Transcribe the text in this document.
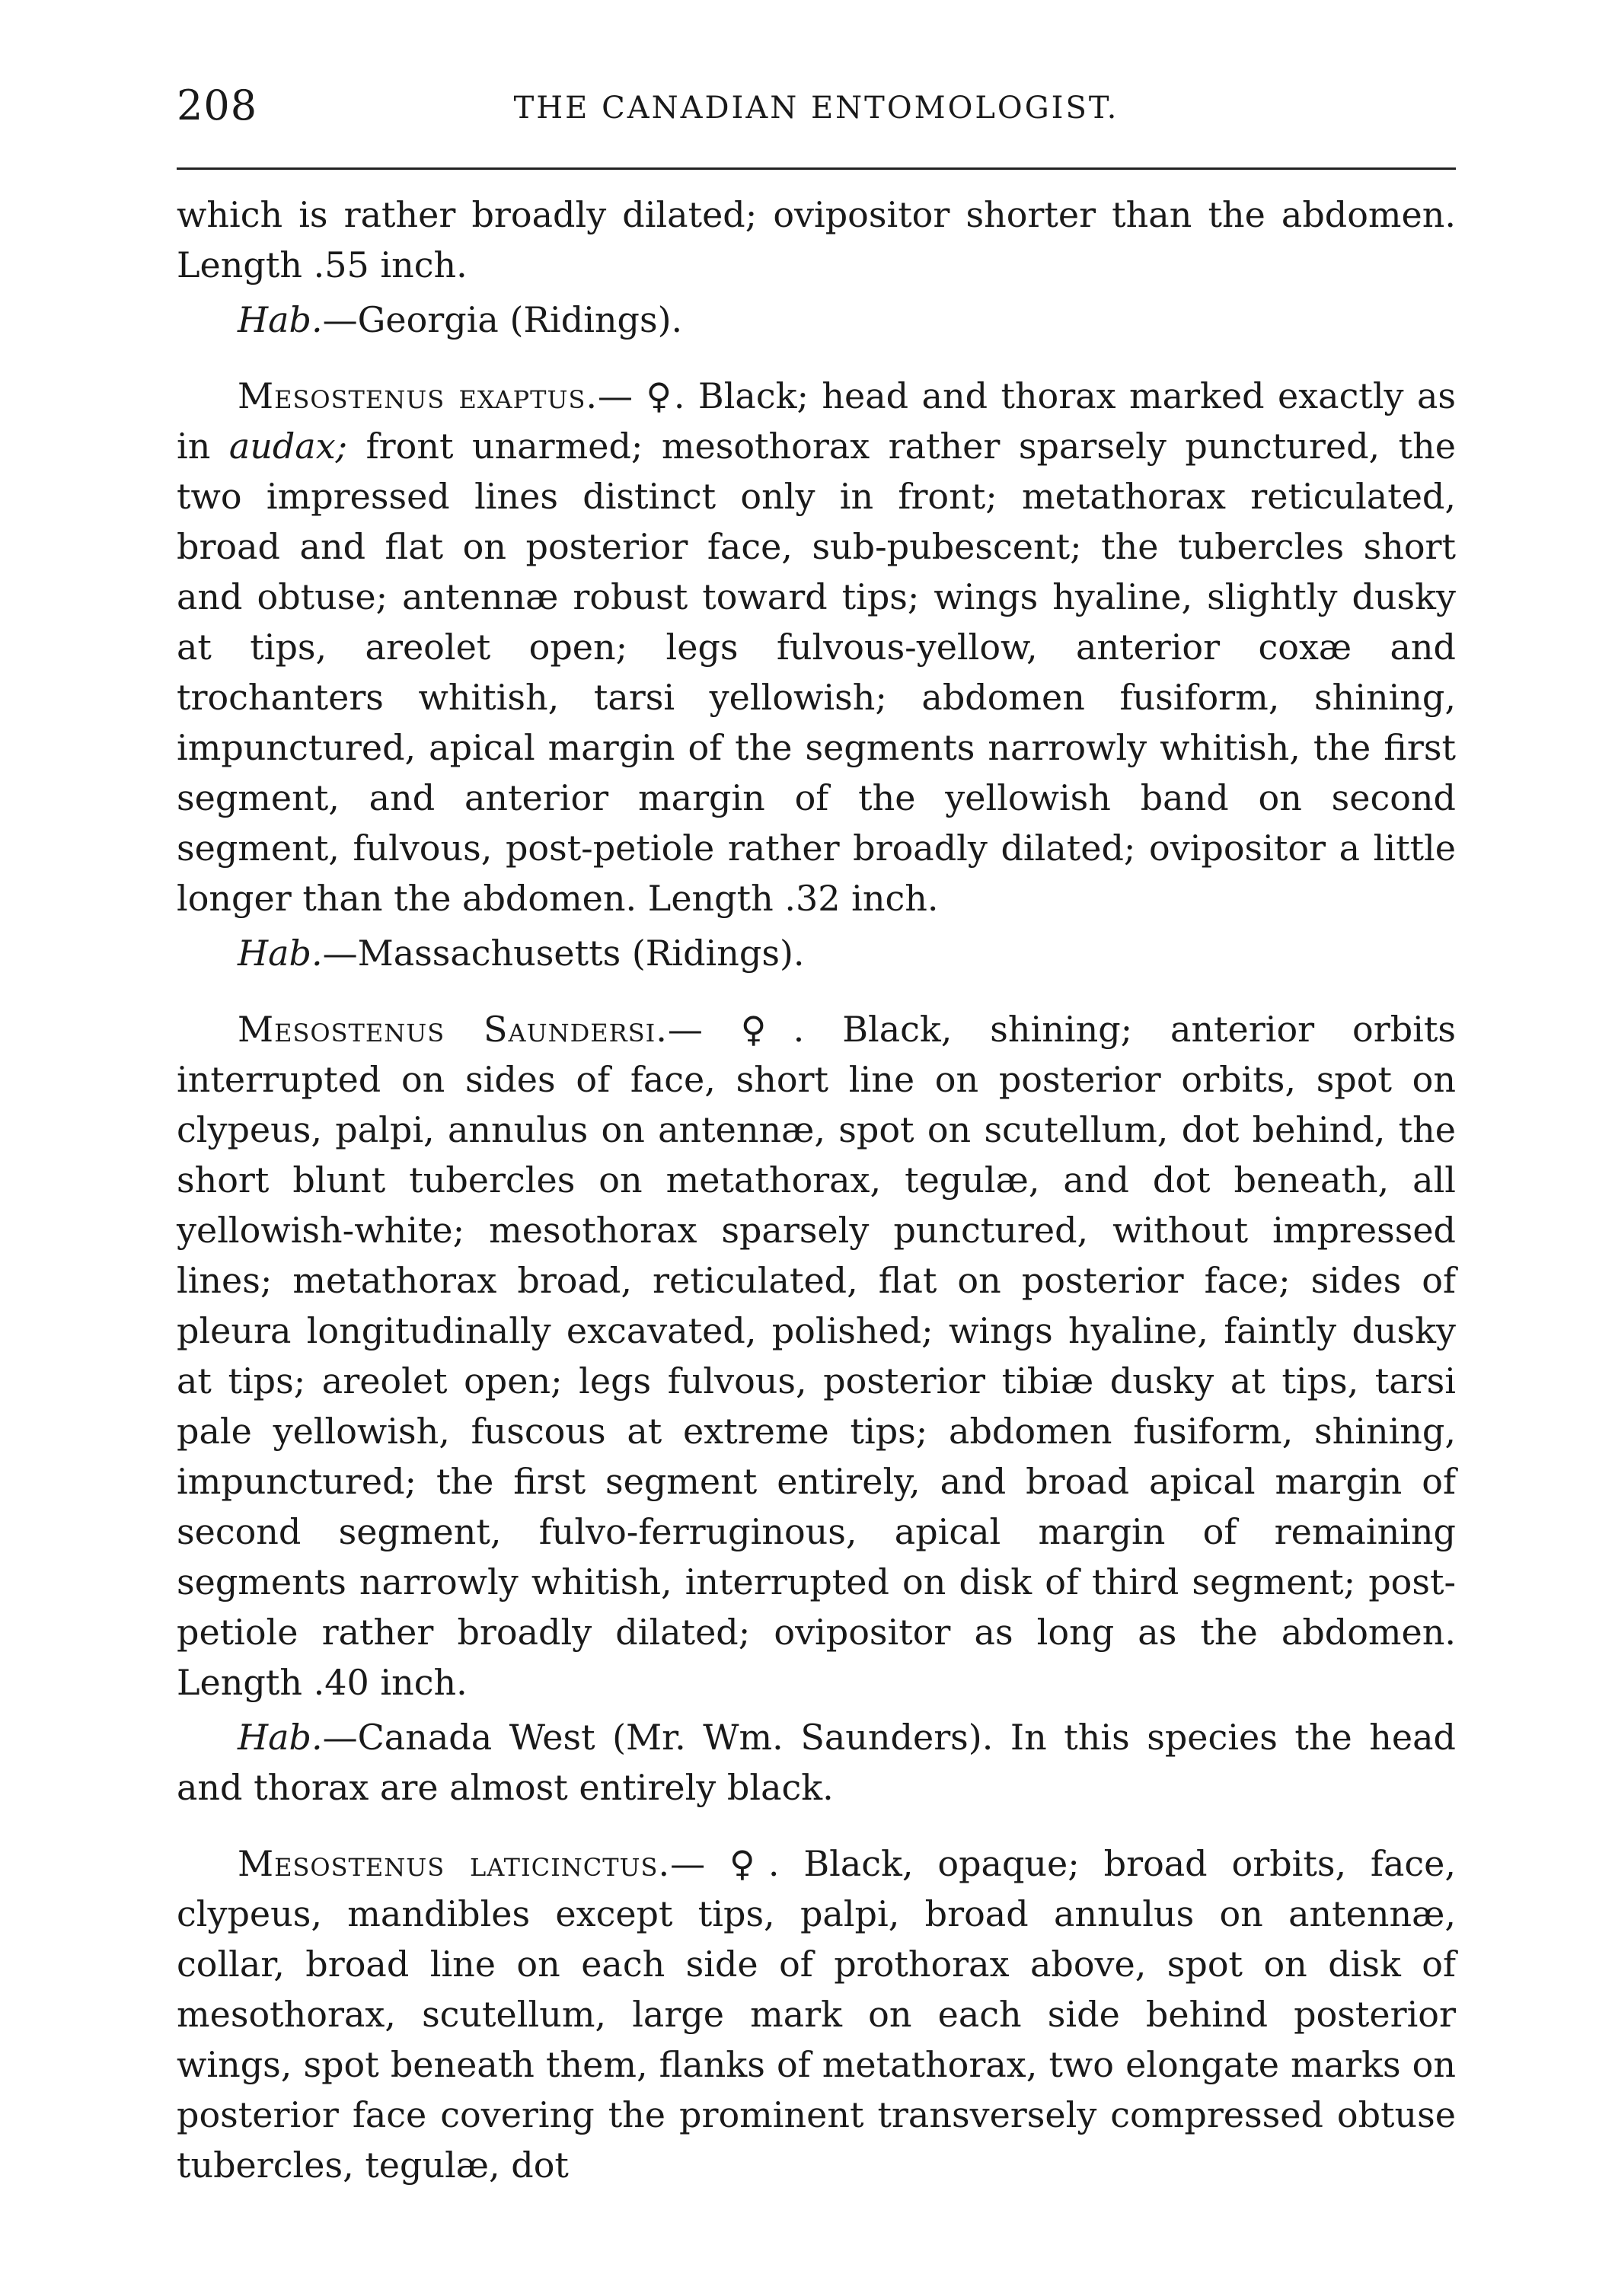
208	THE CANADIAN ENTOMOLOGIST.

which is rather broadly dilated; ovipositor shorter than the abdomen. Length .55 inch.

Hab.—Georgia (Ridings).

Mesostenus exaptus.— ♀. Black; head and thorax marked exactly as in audax; front unarmed; mesothorax rather sparsely punctured, the two impressed lines distinct only in front; metathorax reticulated, broad and flat on posterior face, sub-pubescent; the tubercles short and obtuse; antennæ robust toward tips; wings hyaline, slightly dusky at tips, areolet open; legs fulvous-yellow, anterior coxæ and trochanters whitish, tarsi yellowish; abdomen fusiform, shining, impunctured, apical margin of the segments narrowly whitish, the first segment, and anterior margin of the yellowish band on second segment, fulvous, post-petiole rather broadly dilated; ovipositor a little longer than the abdomen. Length .32 inch.

Hab.—Massachusetts (Ridings).

Mesostenus Saundersi.— ♀. Black, shining; anterior orbits interrupted on sides of face, short line on posterior orbits, spot on clypeus, palpi, annulus on antennæ, spot on scutellum, dot behind, the short blunt tubercles on metathorax, tegulæ, and dot beneath, all yellowish-white; mesothorax sparsely punctured, without impressed lines; metathorax broad, reticulated, flat on posterior face; sides of pleura longitudinally excavated, polished; wings hyaline, faintly dusky at tips; areolet open; legs fulvous, posterior tibiæ dusky at tips, tarsi pale yellowish, fuscous at extreme tips; abdomen fusiform, shining, impunctured; the first segment entirely, and broad apical margin of second segment, fulvo-ferruginous, apical margin of remaining segments narrowly whitish, interrupted on disk of third segment; post-petiole rather broadly dilated; ovipositor as long as the abdomen. Length .40 inch.

Hab.—Canada West (Mr. Wm. Saunders). In this species the head and thorax are almost entirely black.

Mesostenus laticinctus.— ♀. Black, opaque; broad orbits, face, clypeus, mandibles except tips, palpi, broad annulus on antennæ, collar, broad line on each side of prothorax above, spot on disk of mesothorax, scutellum, large mark on each side behind posterior wings, spot beneath them, flanks of metathorax, two elongate marks on posterior face covering the prominent transversely compressed obtuse tubercles, tegulæ, dot
